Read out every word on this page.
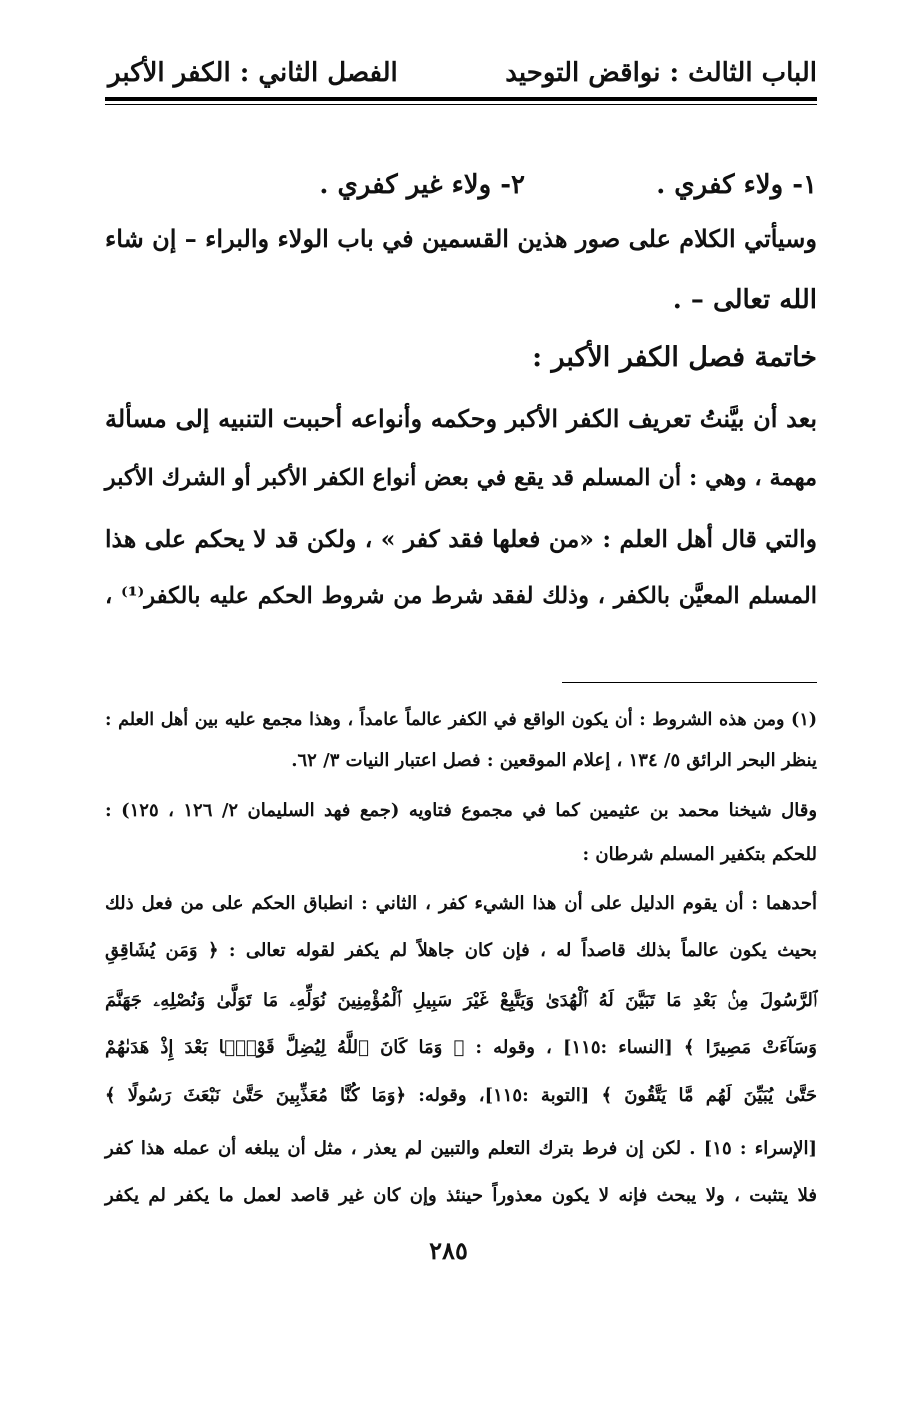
الباب الثالث : نواقض التوحيد
الفصل الثاني : الكفر الأكبر
١- ولاء كفري .
٢- ولاء غير كفري .
وسيأتي الكلام على صور هذين القسمين في باب الولاء والبراء – إن شاء
الله تعالى – .
خاتمة فصل الكفر الأكبر :
بعد أن بيَّنتُ تعريف الكفر الأكبر وحكمه وأنواعه أحببت التنبيه إلى مسألة
مهمة ، وهي : أن المسلم قد يقع في بعض أنواع الكفر الأكبر أو الشرك الأكبر
والتي قال أهل العلم : «من فعلها فقد كفر » ، ولكن قد لا يحكم على هذا
المسلم المعيَّن بالكفر ، وذلك لفقد شرط من شروط الحكم عليه بالكفر⁽¹⁾ ،
(١) ومن هذه الشروط : أن يكون الواقع في الكفر عالماً عامداً ، وهذا مجمع عليه بين أهل العلم :
ينظر البحر الرائق ٥/ ١٣٤ ، إعلام الموقعين : فصل اعتبار النيات ٣/ ٦٢.
وقال شيخنا محمد بن عثيمين كما في مجموع فتاويه (جمع فهد السليمان ٢/ ١٢٦ ، ١٢٥) :
للحكم بتكفير المسلم شرطان :
أحدهما : أن يقوم الدليل على أن هذا الشيء كفر ، الثاني : انطباق الحكم على من فعل ذلك
بحيث يكون عالماً بذلك قاصداً له ، فإن كان جاهلاً لم يكفر لقوله تعالى : ﴿ وَمَن يُشَاقِقِ
ٱلرَّسُولَ مِنۢ بَعْدِ مَا تَبَيَّنَ لَهُ ٱلْهُدَىٰ وَيَتَّبِعْ غَيْرَ سَبِيلِ ٱلْمُؤْمِنِينَ نُوَلِّهِۦ مَا تَوَلَّىٰ وَنُصْلِهِۦ جَهَنَّمَ
وَسَآءَتْ مَصِيرًا ﴾ [النساء :١١٥] ، وقوله : ﴿ وَمَا كَانَ ٱللَّهُ لِيُضِلَّ قَوْمًۢا بَعْدَ إِذْ هَدَىٰهُمْ
حَتَّىٰ يُبَيِّنَ لَهُم مَّا يَتَّقُونَ ﴾ [التوبة :١١٥]، وقوله: ﴿وَمَا كُنَّا مُعَذِّبِينَ حَتَّىٰ نَبْعَثَ رَسُولًا ﴾
[الإسراء : ١٥] . لكن إن فرط بترك التعلم والتبين لم يعذر ، مثل أن يبلغه أن عمله هذا كفر
فلا يتثبت ، ولا يبحث فإنه لا يكون معذوراً حينئذ وإن كان غير قاصد لعمل ما يكفر لم يكفر
٢٨٥
